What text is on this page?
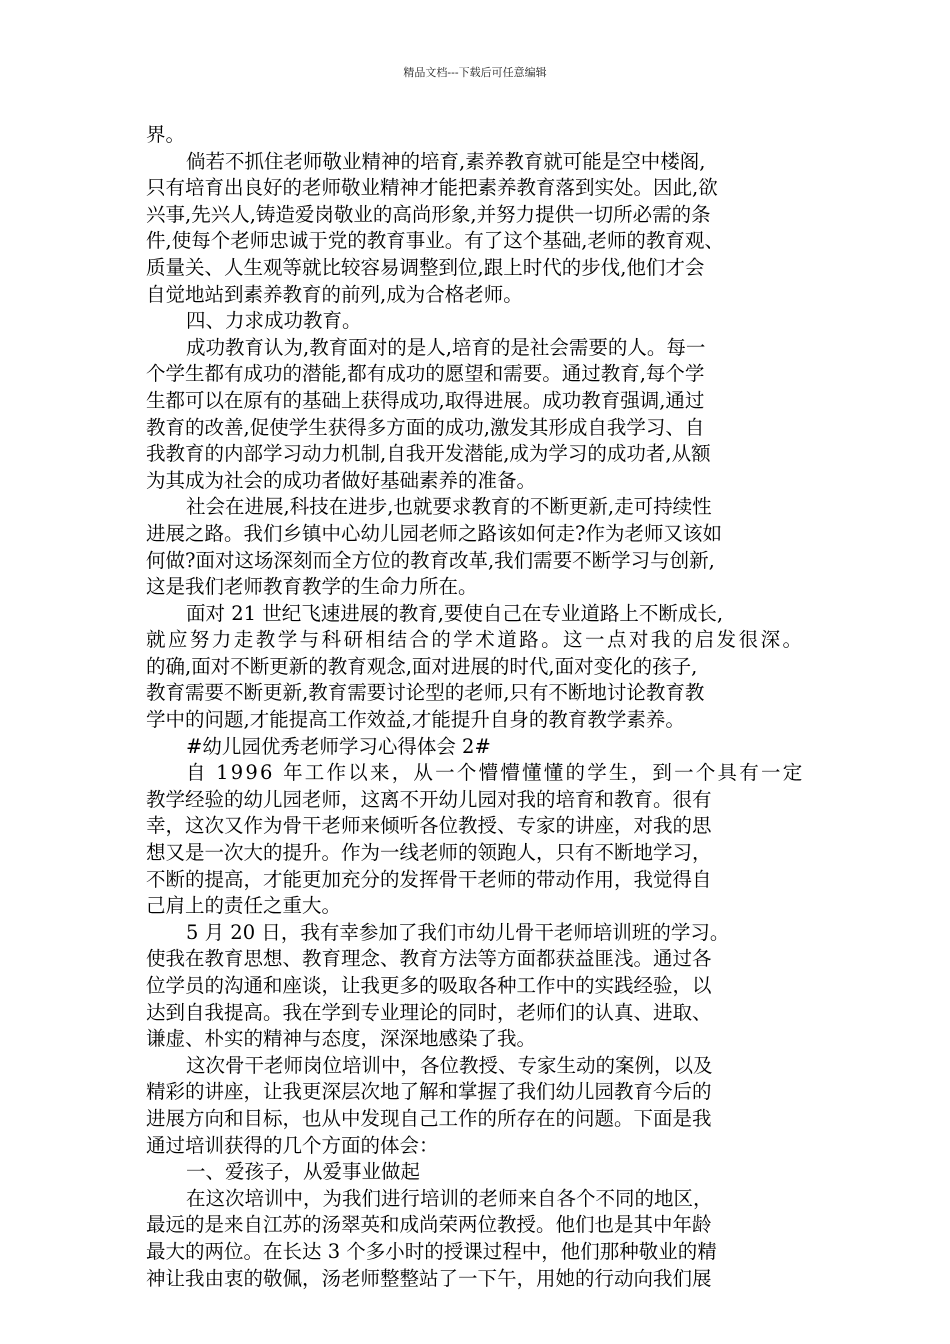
精品文档---下载后可任意编辑
界。
倘若不抓住老师敬业精神的培育,素养教育就可能是空中楼阁,
只有培育出良好的老师敬业精神才能把素养教育落到实处。因此,欲
兴事,先兴人,铸造爱岗敬业的高尚形象,并努力提供一切所必需的条
件,使每个老师忠诚于党的教育事业。有了这个基础,老师的教育观、
质量关、人生观等就比较容易调整到位,跟上时代的步伐,他们才会
自觉地站到素养教育的前列,成为合格老师。
四、力求成功教育。
成功教育认为,教育面对的是人,培育的是社会需要的人。每一
个学生都有成功的潜能,都有成功的愿望和需要。通过教育,每个学
生都可以在原有的基础上获得成功,取得进展。成功教育强调,通过
教育的改善,促使学生获得多方面的成功,激发其形成自我学习、自
我教育的内部学习动力机制,自我开发潜能,成为学习的成功者,从额
为其成为社会的成功者做好基础素养的准备。
社会在进展,科技在进步,也就要求教育的不断更新,走可持续性
进展之路。我们乡镇中心幼儿园老师之路该如何走?作为老师又该如
何做?面对这场深刻而全方位的教育改革,我们需要不断学习与创新,
这是我们老师教育教学的生命力所在。
面对 21 世纪飞速进展的教育,要使自己在专业道路上不断成长,
就应努力走教学与科研相结合的学术道路。这一点对我的启发很深。
的确,面对不断更新的教育观念,面对进展的时代,面对变化的孩子,
教育需要不断更新,教育需要讨论型的老师,只有不断地讨论教育教
学中的问题,才能提高工作效益,才能提升自身的教育教学素养。
#幼儿园优秀老师学习心得体会 2#
自 1996 年工作以来，从一个懵懵懂懂的学生，到一个具有一定
教学经验的幼儿园老师，这离不开幼儿园对我的培育和教育。很有
幸，这次又作为骨干老师来倾听各位教授、专家的讲座，对我的思
想又是一次大的提升。作为一线老师的领跑人，只有不断地学习，
不断的提高，才能更加充分的发挥骨干老师的带动作用，我觉得自
己肩上的责任之重大。
5 月 20 日，我有幸参加了我们市幼儿骨干老师培训班的学习。
使我在教育思想、教育理念、教育方法等方面都获益匪浅。通过各
位学员的沟通和座谈，让我更多的吸取各种工作中的实践经验，以
达到自我提高。我在学到专业理论的同时，老师们的认真、进取、
谦虚、朴实的精神与态度，深深地感染了我。
这次骨干老师岗位培训中，各位教授、专家生动的案例，以及
精彩的讲座，让我更深层次地了解和掌握了我们幼儿园教育今后的
进展方向和目标，也从中发现自己工作的所存在的问题。下面是我
通过培训获得的几个方面的体会：
一、爱孩子，从爱事业做起
在这次培训中，为我们进行培训的老师来自各个不同的地区，
最远的是来自江苏的汤翠英和成尚荣两位教授。他们也是其中年龄
最大的两位。在长达 3 个多小时的授课过程中，他们那种敬业的精
神让我由衷的敬佩，汤老师整整站了一下午，用她的行动向我们展
